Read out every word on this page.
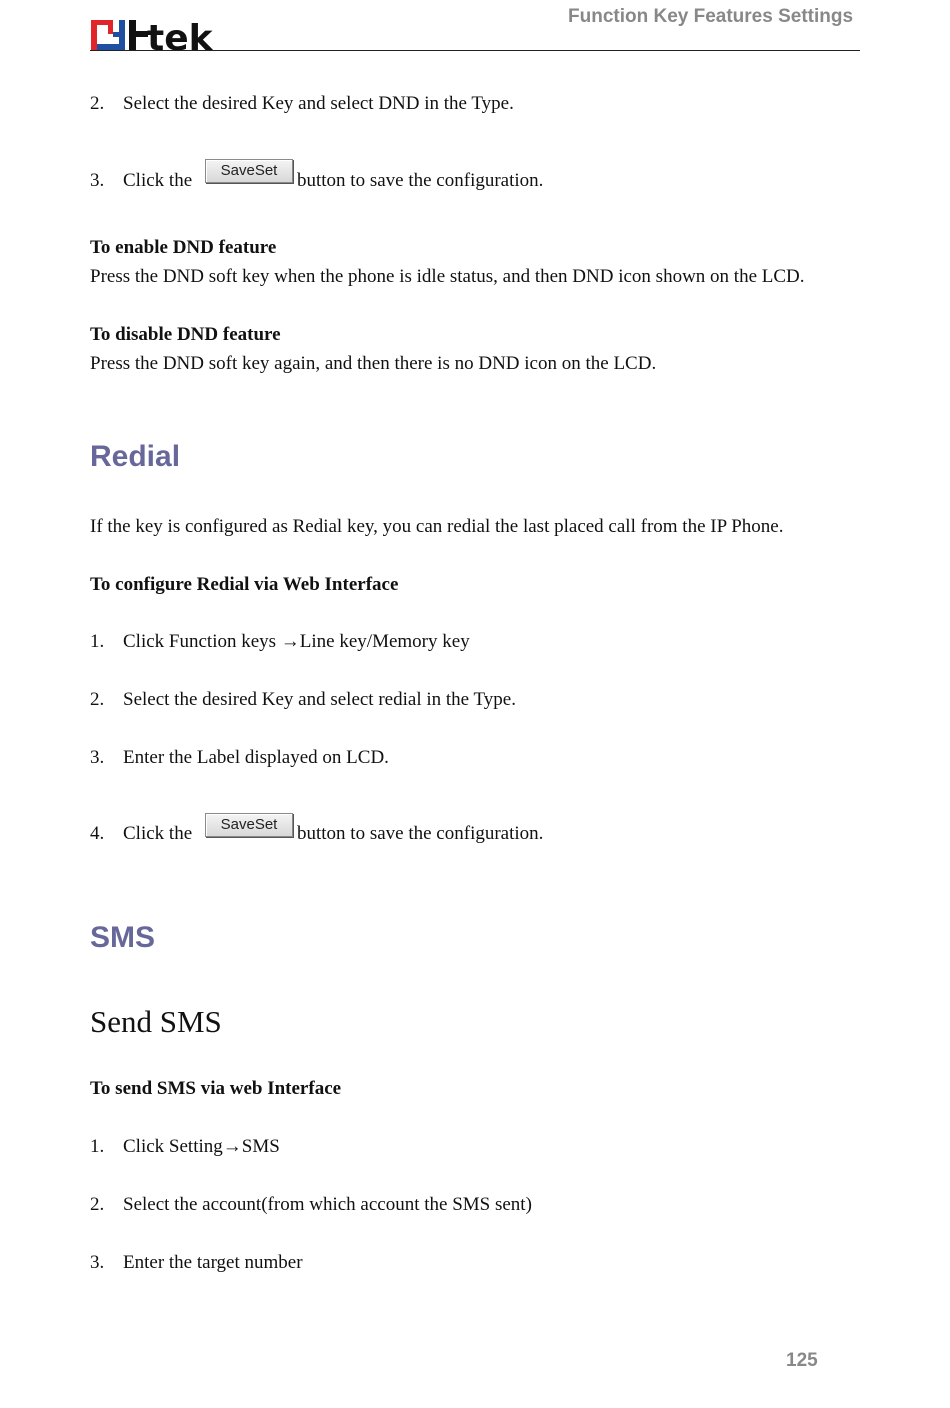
tek
Function Key Features Settings
2. Select the desired Key and select DND in the Type.
3. Click the	SaveSet	button to save the configuration.
To enable DND feature
Press the DND soft key when the phone is idle status, and then DND icon shown on the LCD.
To disable DND feature
Press the DND soft key again, and then there is no DND icon on the LCD.
Redial
If the key is configured as Redial key, you can redial the last placed call from the IP Phone.
To configure Redial via Web Interface
1. Click Function keys →Line key/Memory key
2. Select the desired Key and select redial in the Type.
3. Enter the Label displayed on LCD.
4. Click the	SaveSet	button to save the configuration.
SMS
Send SMS
To send SMS via web Interface
1. Click Setting→SMS
2. Select the account(from which account the SMS sent)
3. Enter the target number
125
